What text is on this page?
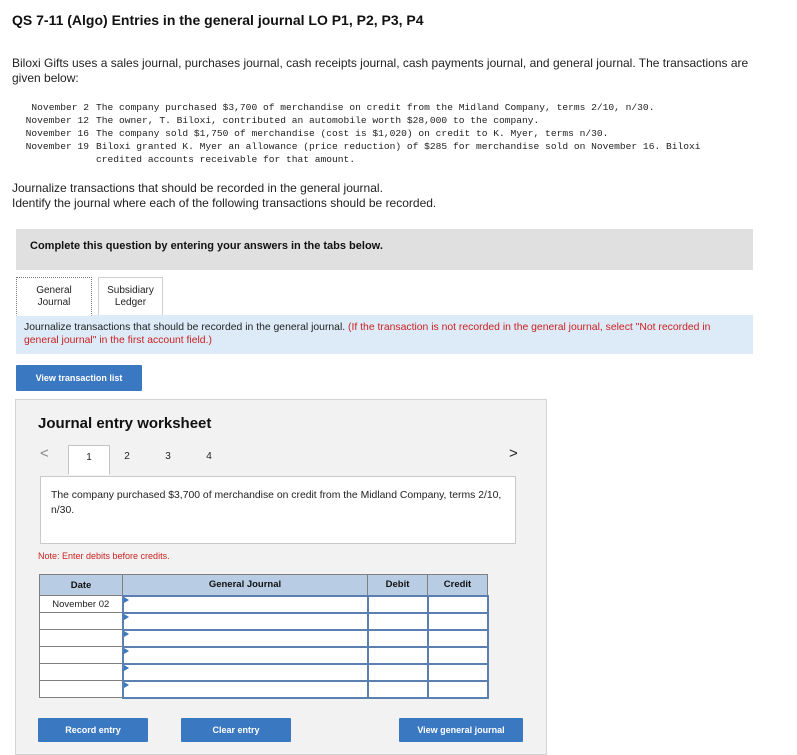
QS 7-11 (Algo) Entries in the general journal LO P1, P2, P3, P4
Biloxi Gifts uses a sales journal, purchases journal, cash receipts journal, cash payments journal, and general journal. The transactions are given below:
November 2 The company purchased $3,700 of merchandise on credit from the Midland Company, terms 2/10, n/30.
November 12 The owner, T. Biloxi, contributed an automobile worth $28,000 to the company.
November 16 The company sold $1,750 of merchandise (cost is $1,020) on credit to K. Myer, terms n/30.
November 19 Biloxi granted K. Myer an allowance (price reduction) of $285 for merchandise sold on November 16. Biloxi
credited accounts receivable for that amount.
Journalize transactions that should be recorded in the general journal.
Identify the journal where each of the following transactions should be recorded.
Complete this question by entering your answers in the tabs below.
General
Journal
Subsidiary
Ledger
Journalize transactions that should be recorded in the general journal. (If the transaction is not recorded in the general journal, select "Not recorded in general journal" in the first account field.)
View transaction list
Journal entry worksheet
<	1	2	3	4	>
The company purchased $3,700 of merchandise on credit from the Midland Company, terms 2/10, n/30.
Note: Enter debits before credits.
Date	General Journal	Debit	Credit
November 02	

Record entry	Clear entry	View general journal
